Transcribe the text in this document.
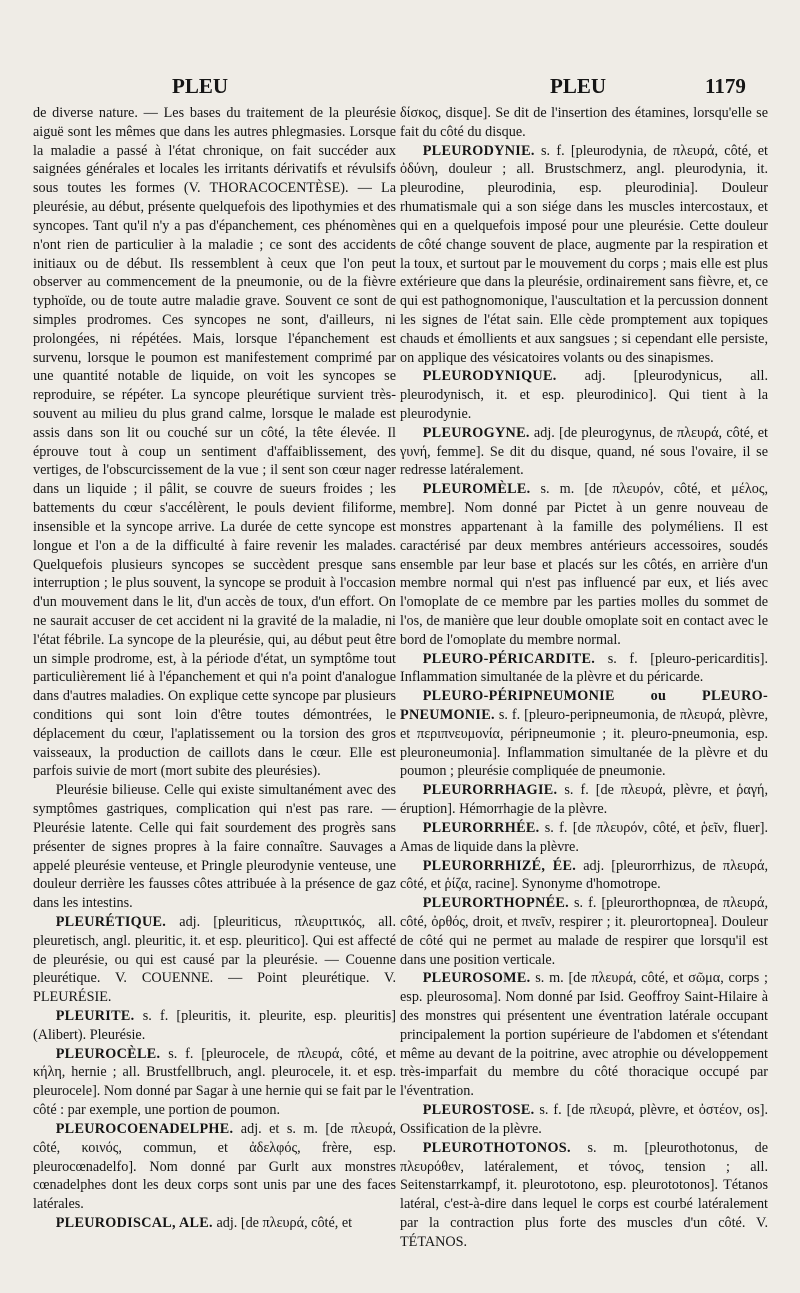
PLEU	PLEU	1179

de diverse nature. — Les bases du traitement de la pleurésie aiguë sont les mêmes que dans les autres phlegmasies. Lorsque la maladie a passé à l'état chronique, on fait succéder aux saignées générales et locales les irritants dérivatifs et révulsifs sous toutes les formes (V. THORACOCENTÈSE). — La pleurésie, au début, présente quelquefois des lipothymies et des syncopes. Tant qu'il n'y a pas d'épanchement, ces phénomènes n'ont rien de particulier à la maladie ; ce sont des accidents initiaux ou de début. Ils ressemblent à ceux que l'on peut observer au commencement de la pneumonie, ou de la fièvre typhoïde, ou de toute autre maladie grave. Souvent ce sont de simples prodromes. Ces syncopes ne sont, d'ailleurs, ni prolongées, ni répétées. Mais, lorsque l'épanchement est survenu, lorsque le poumon est manifestement comprimé par une quantité notable de liquide, on voit les syncopes se reproduire, se répéter. La syncope pleurétique survient très-souvent au milieu du plus grand calme, lorsque le malade est assis dans son lit ou couché sur un côté, la tête élevée. Il éprouve tout à coup un sentiment d'affaiblissement, des vertiges, de l'obscurcissement de la vue ; il sent son cœur nager dans un liquide ; il pâlit, se couvre de sueurs froides ; les battements du cœur s'accélèrent, le pouls devient filiforme, insensible et la syncope arrive. La durée de cette syncope est longue et l'on a de la difficulté à faire revenir les malades. Quelquefois plusieurs syncopes se succèdent presque sans interruption ; le plus souvent, la syncope se produit à l'occasion d'un mouvement dans le lit, d'un accès de toux, d'un effort. On ne saurait accuser de cet accident ni la gravité de la maladie, ni l'état fébrile. La syncope de la pleurésie, qui, au début peut être un simple prodrome, est, à la période d'état, un symptôme tout particulièrement lié à l'épanchement et qui n'a point d'analogue dans d'autres maladies. On explique cette syncope par plusieurs conditions qui sont loin d'être toutes démontrées, le déplacement du cœur, l'aplatissement ou la torsion des gros vaisseaux, la production de caillots dans le cœur. Elle est parfois suivie de mort (mort subite des pleurésies).

Pleurésie bilieuse. Celle qui existe simultanément avec des symptômes gastriques, complication qui n'est pas rare. — Pleurésie latente. Celle qui fait sourdement des progrès sans présenter de signes propres à la faire connaître. Sauvages a appelé pleurésie venteuse, et Pringle pleurodynie venteuse, une douleur derrière les fausses côtes attribuée à la présence de gaz dans les intestins.

PLEURÉTIQUE. adj. [pleuriticus, πλευριτικός, all. pleuretisch, angl. pleuritic, it. et esp. pleuritico]. Qui est affecté de pleurésie, ou qui est causé par la pleurésie. — Couenne pleurétique. V. COUENNE. — Point pleurétique. V. PLEURÉSIE.

PLEURITE. s. f. [pleuritis, it. pleurite, esp. pleuritis] (Alibert). Pleurésie.

PLEUROCÈLE. s. f. [pleurocele, de πλευρά, côté, et κήλη, hernie ; all. Brustfellbruch, angl. pleurocele, it. et esp. pleurocele]. Nom donné par Sagar à une hernie qui se fait par le côté : par exemple, une portion de poumon.

PLEUROCOENADELPHE. adj. et s. m. [de πλευρά, côté, κοινός, commun, et ἀδελφός, frère, esp. pleurocœnadelfo]. Nom donné par Gurlt aux monstres cœnadelphes dont les deux corps sont unis par une des faces latérales.

PLEURODISCAL, ALE. adj. [de πλευρά, côté, et

δίσκος, disque]. Se dit de l'insertion des étamines, lorsqu'elle se fait du côté du disque.

PLEURODYNIE. s. f. [pleurodynia, de πλευρά, côté, et ὀδύνη, douleur ; all. Brustschmerz, angl. pleurodynia, it. pleurodine, pleurodinia, esp. pleurodinia]. Douleur rhumatismale qui a son siége dans les muscles intercostaux, et qui en a quelquefois imposé pour une pleurésie. Cette douleur de côté change souvent de place, augmente par la respiration et la toux, et surtout par le mouvement du corps ; mais elle est plus extérieure que dans la pleurésie, ordinairement sans fièvre, et, ce qui est pathognomonique, l'auscultation et la percussion donnent les signes de l'état sain. Elle cède promptement aux topiques chauds et émollients et aux sangsues ; si cependant elle persiste, on applique des vésicatoires volants ou des sinapismes.

PLEURODYNIQUE. adj. [pleurodynicus, all. pleurodynisch, it. et esp. pleurodinico]. Qui tient à la pleurodynie.

PLEUROGYNE. adj. [de pleurogynus, de πλευρά, côté, et γυνή, femme]. Se dit du disque, quand, né sous l'ovaire, il se redresse latéralement.

PLEUROMÈLE. s. m. [de πλευρόν, côté, et μέλος, membre]. Nom donné par Pictet à un genre nouveau de monstres appartenant à la famille des polyméliens. Il est caractérisé par deux membres antérieurs accessoires, soudés ensemble par leur base et placés sur les côtés, en arrière d'un membre normal qui n'est pas influencé par eux, et liés avec l'omoplate de ce membre par les parties molles du sommet de l'os, de manière que leur double omoplate soit en contact avec le bord de l'omoplate du membre normal.

PLEURO-PÉRICARDITE. s. f. [pleuro-pericarditis]. Inflammation simultanée de la plèvre et du péricarde.

PLEURO-PÉRIPNEUMONIE ou PLEURO-PNEUMONIE. s. f. [pleuro-peripneumonia, de πλευρά, plèvre, et περιπνευμονία, péripneumonie ; it. pleuro-pneumonia, esp. pleuroneumonia]. Inflammation simultanée de la plèvre et du poumon ; pleurésie compliquée de pneumonie.

PLEURORRHAGIE. s. f. [de πλευρά, plèvre, et ῥαγή, éruption]. Hémorrhagie de la plèvre.

PLEURORRHÉE. s. f. [de πλευρόν, côté, et ῥεῖν, fluer]. Amas de liquide dans la plèvre.

PLEURORRHIZÉ, ÉE. adj. [pleurorrhizus, de πλευρά, côté, et ῥίζα, racine]. Synonyme d'homotrope.

PLEURORTHOPNÉE. s. f. [pleurorthopnœa, de πλευρά, côté, ὀρθός, droit, et πνεῖν, respirer ; it. pleurortopnea]. Douleur de côté qui ne permet au malade de respirer que lorsqu'il est dans une position verticale.

PLEUROSOME. s. m. [de πλευρά, côté, et σῶμα, corps ; esp. pleurosoma]. Nom donné par Isid. Geoffroy Saint-Hilaire à des monstres qui présentent une éventration latérale occupant principalement la portion supérieure de l'abdomen et s'étendant même au devant de la poitrine, avec atrophie ou développement très-imparfait du membre du côté thoracique occupé par l'éventration.

PLEUROSTOSE. s. f. [de πλευρά, plèvre, et ὀστέον, os]. Ossification de la plèvre.

PLEUROTHOTONOS. s. m. [pleurothotonus, de πλευρόθεν, latéralement, et τόνος, tension ; all. Seitenstarrkampf, it. pleurototono, esp. pleurototonos]. Tétanos latéral, c'est-à-dire dans lequel le corps est courbé latéralement par la contraction plus forte des muscles d'un côté. V. TÉTANOS.
